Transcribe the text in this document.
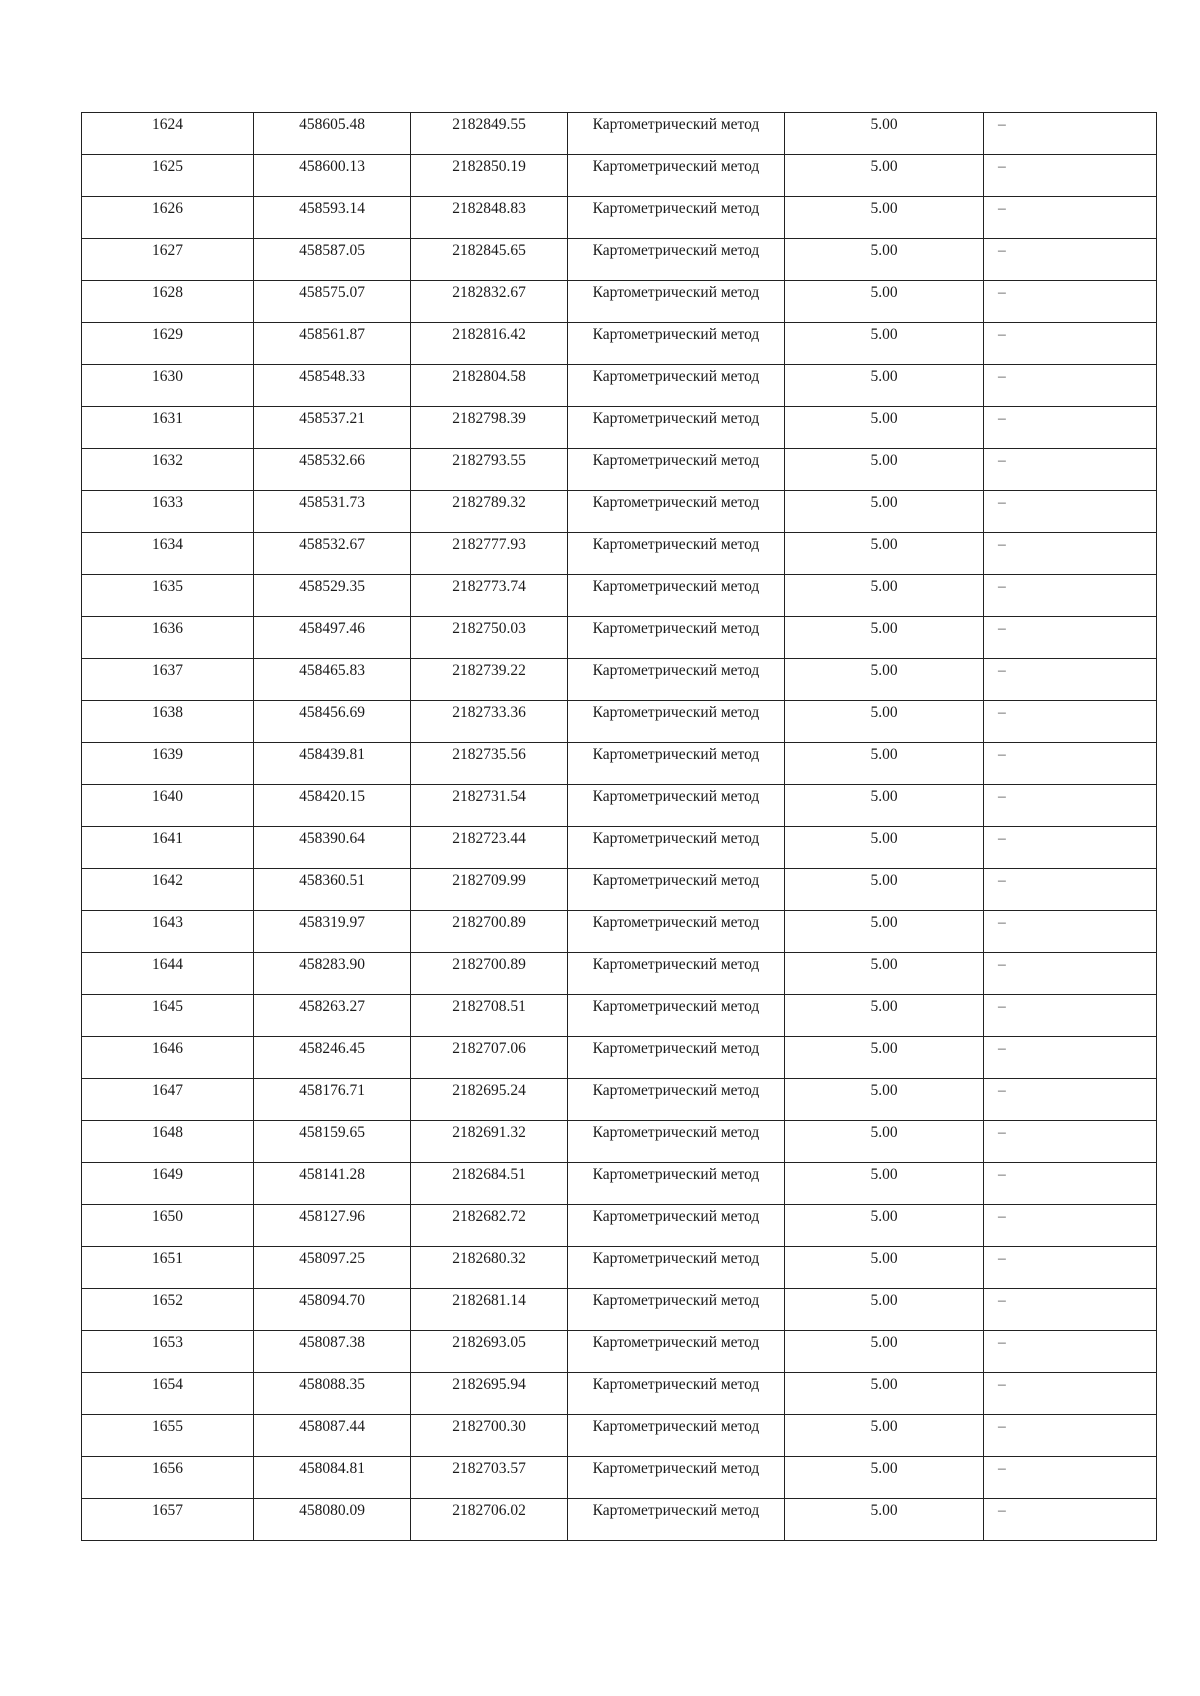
1624	458605.48	2182849.55	Картометрический метод	5.00	–
1625	458600.13	2182850.19	Картометрический метод	5.00	–
1626	458593.14	2182848.83	Картометрический метод	5.00	–
1627	458587.05	2182845.65	Картометрический метод	5.00	–
1628	458575.07	2182832.67	Картометрический метод	5.00	–
1629	458561.87	2182816.42	Картометрический метод	5.00	–
1630	458548.33	2182804.58	Картометрический метод	5.00	–
1631	458537.21	2182798.39	Картометрический метод	5.00	–
1632	458532.66	2182793.55	Картометрический метод	5.00	–
1633	458531.73	2182789.32	Картометрический метод	5.00	–
1634	458532.67	2182777.93	Картометрический метод	5.00	–
1635	458529.35	2182773.74	Картометрический метод	5.00	–
1636	458497.46	2182750.03	Картометрический метод	5.00	–
1637	458465.83	2182739.22	Картометрический метод	5.00	–
1638	458456.69	2182733.36	Картометрический метод	5.00	–
1639	458439.81	2182735.56	Картометрический метод	5.00	–
1640	458420.15	2182731.54	Картометрический метод	5.00	–
1641	458390.64	2182723.44	Картометрический метод	5.00	–
1642	458360.51	2182709.99	Картометрический метод	5.00	–
1643	458319.97	2182700.89	Картометрический метод	5.00	–
1644	458283.90	2182700.89	Картометрический метод	5.00	–
1645	458263.27	2182708.51	Картометрический метод	5.00	–
1646	458246.45	2182707.06	Картометрический метод	5.00	–
1647	458176.71	2182695.24	Картометрический метод	5.00	–
1648	458159.65	2182691.32	Картометрический метод	5.00	–
1649	458141.28	2182684.51	Картометрический метод	5.00	–
1650	458127.96	2182682.72	Картометрический метод	5.00	–
1651	458097.25	2182680.32	Картометрический метод	5.00	–
1652	458094.70	2182681.14	Картометрический метод	5.00	–
1653	458087.38	2182693.05	Картометрический метод	5.00	–
1654	458088.35	2182695.94	Картометрический метод	5.00	–
1655	458087.44	2182700.30	Картометрический метод	5.00	–
1656	458084.81	2182703.57	Картометрический метод	5.00	–
1657	458080.09	2182706.02	Картометрический метод	5.00	–
